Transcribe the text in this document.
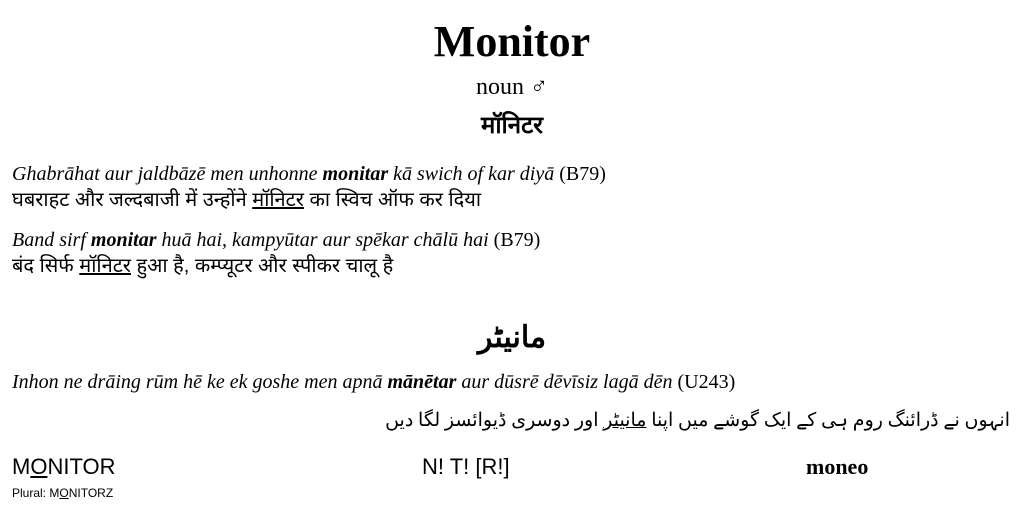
Monitor
noun ♂
मॉनिटर
Ghabrāhat aur jaldbāzē men unhonne monitar kā swich of kar diyā (B79)
घबराहट और जल्दबाजी में उन्होंने मॉनिटर का स्विच ऑफ कर दिया
Band sirf monitar huā hai, kampyūtar aur spēkar chālū hai (B79)
बंद सिर्फ मॉनिटर हुआ है, कम्प्यूटर और स्पीकर चालू है
مانیٹر
Inhon ne drāing rūm hē ke ek goshe men apnā mānētar aur dūsrē dēvīsiz lagā dēn (U243)
انہوں نے ڈرائنگ روم ہی کے ایک گوشے میں اپنا مانیٹر اور دوسری ڈیوائسز لگا دیں
MONITOR	N! T! [R!]	moneo
Plural: MONITORZ
